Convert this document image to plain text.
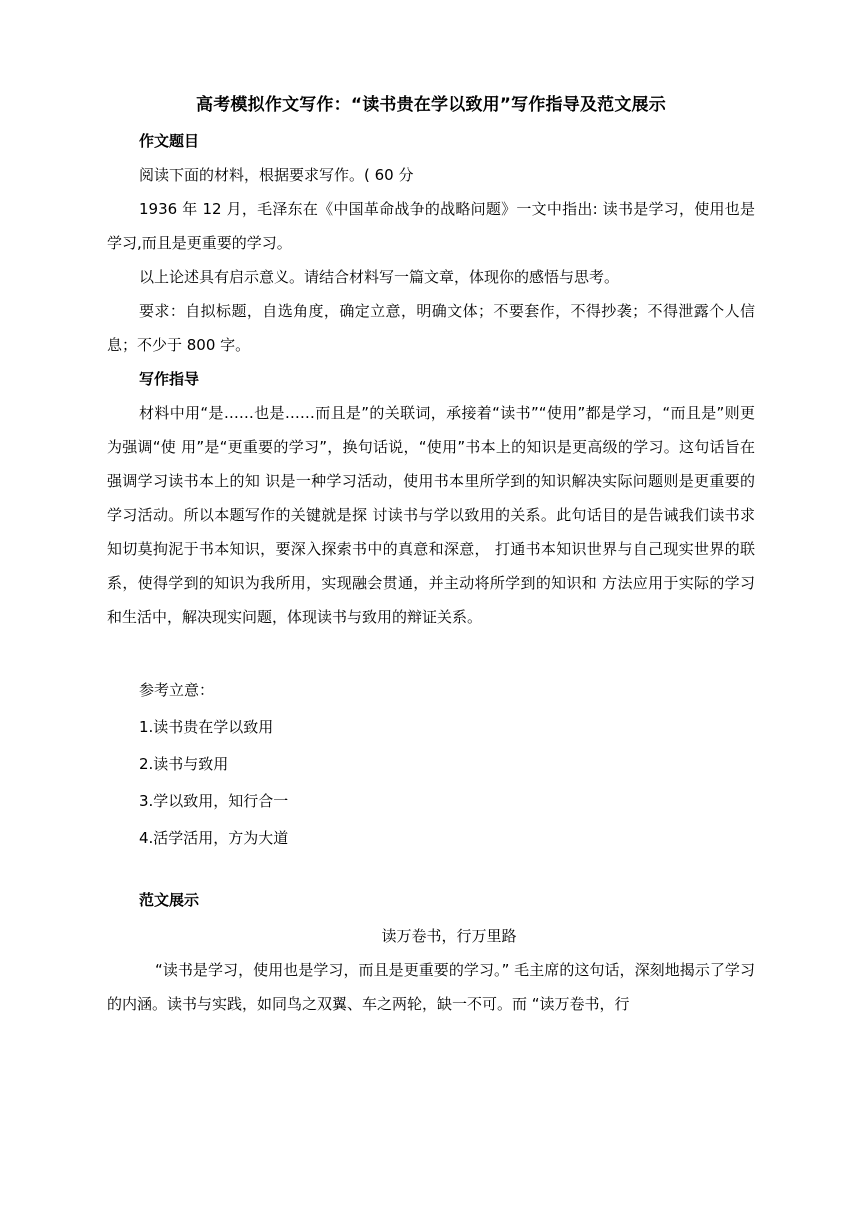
高考模拟作文写作：“读书贵在学以致用”写作指导及范文展示
作文题目
阅读下面的材料，根据要求写作。( 60 分
1936 年 12 月，毛泽东在《中国革命战争的战略问题》一文中指出: 读书是学习，使用也是学习,而且是更重要的学习。
以上论述具有启示意义。请结合材料写一篇文章，体现你的感悟与思考。
要求：自拟标题，自选角度，确定立意，明确文体；不要套作，不得抄袭；不得泄露个人信息；不少于 800 字。
写作指导
材料中用“是……也是……而且是”的关联词，承接着“读书”“使用”都是学习，“而且是”则更为强调“使 用”是“更重要的学习”，换句话说，“使用”书本上的知识是更高级的学习。这句话旨在强调学习读书本上的知 识是一种学习活动，使用书本里所学到的知识解决实际问题则是更重要的学习活动。所以本题写作的关键就是探 讨读书与学以致用的关系。此句话目的是告诫我们读书求知切莫拘泥于书本知识，要深入探索书中的真意和深意， 打通书本知识世界与自己现实世界的联系，使得学到的知识为我所用，实现融会贯通，并主动将所学到的知识和 方法应用于实际的学习和生活中，解决现实问题，体现读书与致用的辩证关系。
参考立意：
1.读书贵在学以致用
2.读书与致用
3.学以致用，知行合一
4.活学活用，方为大道
范文展示
读万卷书，行万里路
“读书是学习，使用也是学习，而且是更重要的学习。” 毛主席的这句话，深刻地揭示了学习的内涵。读书与实践，如同鸟之双翼、车之两轮，缺一不可。而 “读万卷书，行
